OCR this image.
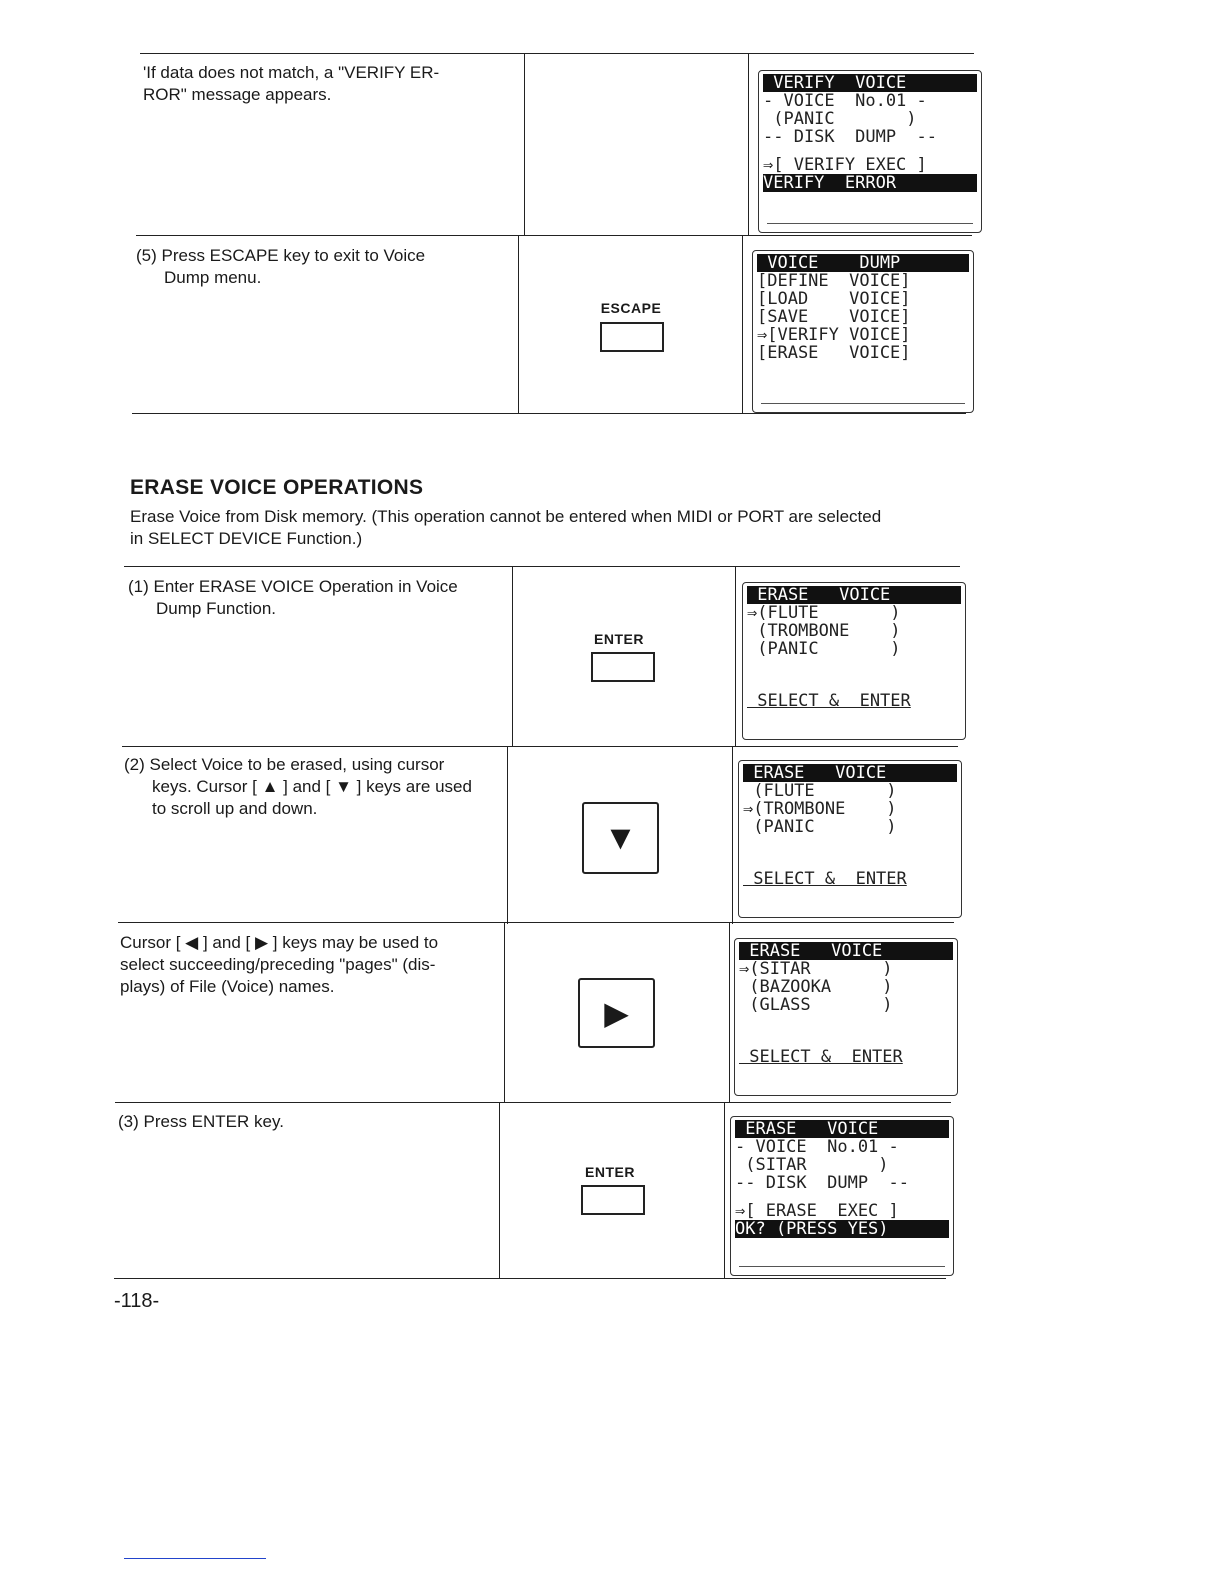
'If data does not match, a "VERIFY ER-
ROR" message appears.
VERIFY  VOICE
- VOICE  No.01 -
(PANIC       )
-- DISK  DUMP  --
⇒[ VERIFY EXEC ]
VERIFY  ERROR
(5) Press ESCAPE key to exit to Voice
Dump menu.
ESCAPE
VOICE    DUMP
[DEFINE  VOICE]
[LOAD    VOICE]
[SAVE    VOICE]
⇒[VERIFY VOICE]
[ERASE   VOICE]
ERASE VOICE OPERATIONS
Erase Voice from Disk memory. (This operation cannot be entered when MIDI or PORT are selected
in SELECT DEVICE Function.)
(1) Enter ERASE VOICE Operation in Voice
Dump Function.
ENTER
ERASE   VOICE
⇒(FLUTE       )
(TROMBONE    )
(PANIC       )
SELECT &  ENTER
(2) Select Voice to be erased, using cursor
keys. Cursor [ ▲ ] and [ ▼ ] keys are used
to scroll up and down.
▼
ERASE   VOICE
(FLUTE       )
⇒(TROMBONE    )
(PANIC       )
SELECT &  ENTER
Cursor [ ◀ ] and [ ▶ ] keys may be used to
select succeeding/preceding "pages" (dis-
plays) of File (Voice) names.
▶
ERASE   VOICE
⇒(SITAR       )
(BAZOOKA     )
(GLASS       )
SELECT &  ENTER
(3) Press ENTER key.
ENTER
ERASE   VOICE
- VOICE  No.01 -
(SITAR       )
-- DISK  DUMP  --
⇒[ ERASE  EXEC ]
OK? (PRESS YES)
-118-
